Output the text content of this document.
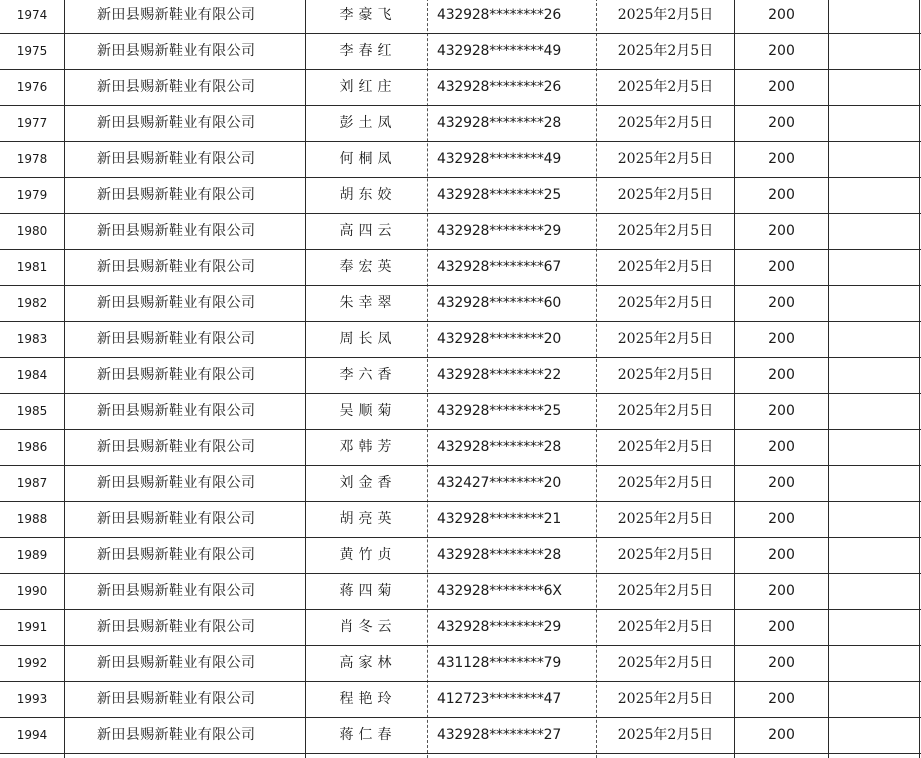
1974	新田县赐新鞋业有限公司	李豪飞	432928********26	2025年2月5日	200
1975	新田县赐新鞋业有限公司	李春红	432928********49	2025年2月5日	200
1976	新田县赐新鞋业有限公司	刘红庄	432928********26	2025年2月5日	200
1977	新田县赐新鞋业有限公司	彭土凤	432928********28	2025年2月5日	200
1978	新田县赐新鞋业有限公司	何桐凤	432928********49	2025年2月5日	200
1979	新田县赐新鞋业有限公司	胡东姣	432928********25	2025年2月5日	200
1980	新田县赐新鞋业有限公司	高四云	432928********29	2025年2月5日	200
1981	新田县赐新鞋业有限公司	奉宏英	432928********67	2025年2月5日	200
1982	新田县赐新鞋业有限公司	朱幸翠	432928********60	2025年2月5日	200
1983	新田县赐新鞋业有限公司	周长凤	432928********20	2025年2月5日	200
1984	新田县赐新鞋业有限公司	李六香	432928********22	2025年2月5日	200
1985	新田县赐新鞋业有限公司	吴顺菊	432928********25	2025年2月5日	200
1986	新田县赐新鞋业有限公司	邓韩芳	432928********28	2025年2月5日	200
1987	新田县赐新鞋业有限公司	刘金香	432427********20	2025年2月5日	200
1988	新田县赐新鞋业有限公司	胡亮英	432928********21	2025年2月5日	200
1989	新田县赐新鞋业有限公司	黄竹贞	432928********28	2025年2月5日	200
1990	新田县赐新鞋业有限公司	蒋四菊	432928********6X	2025年2月5日	200
1991	新田县赐新鞋业有限公司	肖冬云	432928********29	2025年2月5日	200
1992	新田县赐新鞋业有限公司	高家林	431128********79	2025年2月5日	200
1993	新田县赐新鞋业有限公司	程艳玲	412723********47	2025年2月5日	200
1994	新田县赐新鞋业有限公司	蒋仁春	432928********27	2025年2月5日	200
